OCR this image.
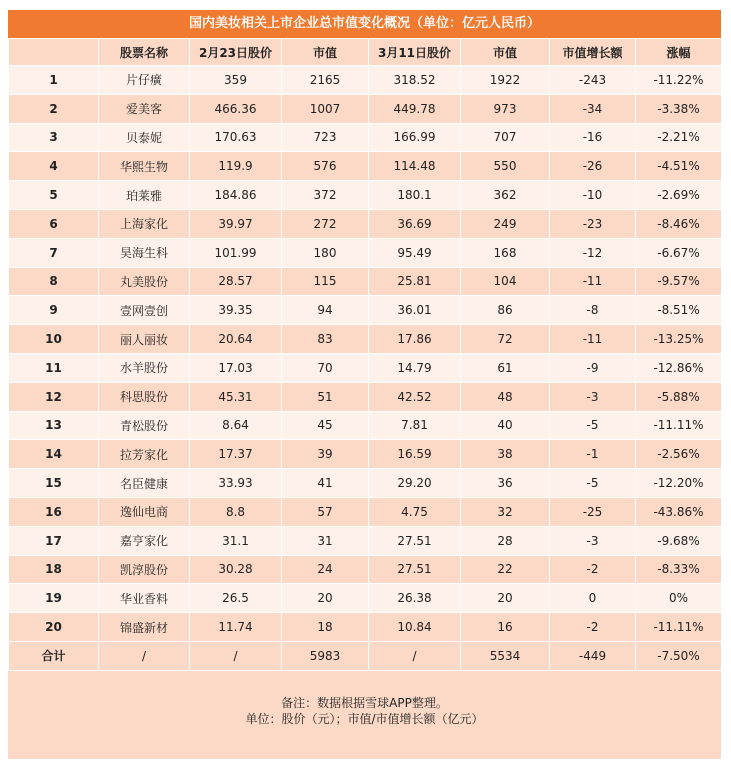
国内美妆相关上市企业总市值变化概况（单位：亿元人民币）
	股票名称	2月23日股价	市值	3月11日股价	市值	市值增长额	涨幅
1	片仔癀	359	2165	318.52	1922	-243	-11.22%
2	爱美客	466.36	1007	449.78	973	-34	-3.38%
3	贝泰妮	170.63	723	166.99	707	-16	-2.21%
4	华熙生物	119.9	576	114.48	550	-26	-4.51%
5	珀莱雅	184.86	372	180.1	362	-10	-2.69%
6	上海家化	39.97	272	36.69	249	-23	-8.46%
7	昊海生科	101.99	180	95.49	168	-12	-6.67%
8	丸美股份	28.57	115	25.81	104	-11	-9.57%
9	壹网壹创	39.35	94	36.01	86	-8	-8.51%
10	丽人丽妆	20.64	83	17.86	72	-11	-13.25%
11	水羊股份	17.03	70	14.79	61	-9	-12.86%
12	科思股份	45.31	51	42.52	48	-3	-5.88%
13	青松股份	8.64	45	7.81	40	-5	-11.11%
14	拉芳家化	17.37	39	16.59	38	-1	-2.56%
15	名臣健康	33.93	41	29.20	36	-5	-12.20%
16	逸仙电商	8.8	57	4.75	32	-25	-43.86%
17	嘉亨家化	31.1	31	27.51	28	-3	-9.68%
18	凯淳股份	30.28	24	27.51	22	-2	-8.33%
19	华业香料	26.5	20	26.38	20	0	0%
20	锦盛新材	11.74	18	10.84	16	-2	-11.11%
合计	/	/	5983	/	5534	-449	-7.50%
备注：数据根据雪球APP整理。
单位：股价（元）；市值/市值增长额（亿元）
